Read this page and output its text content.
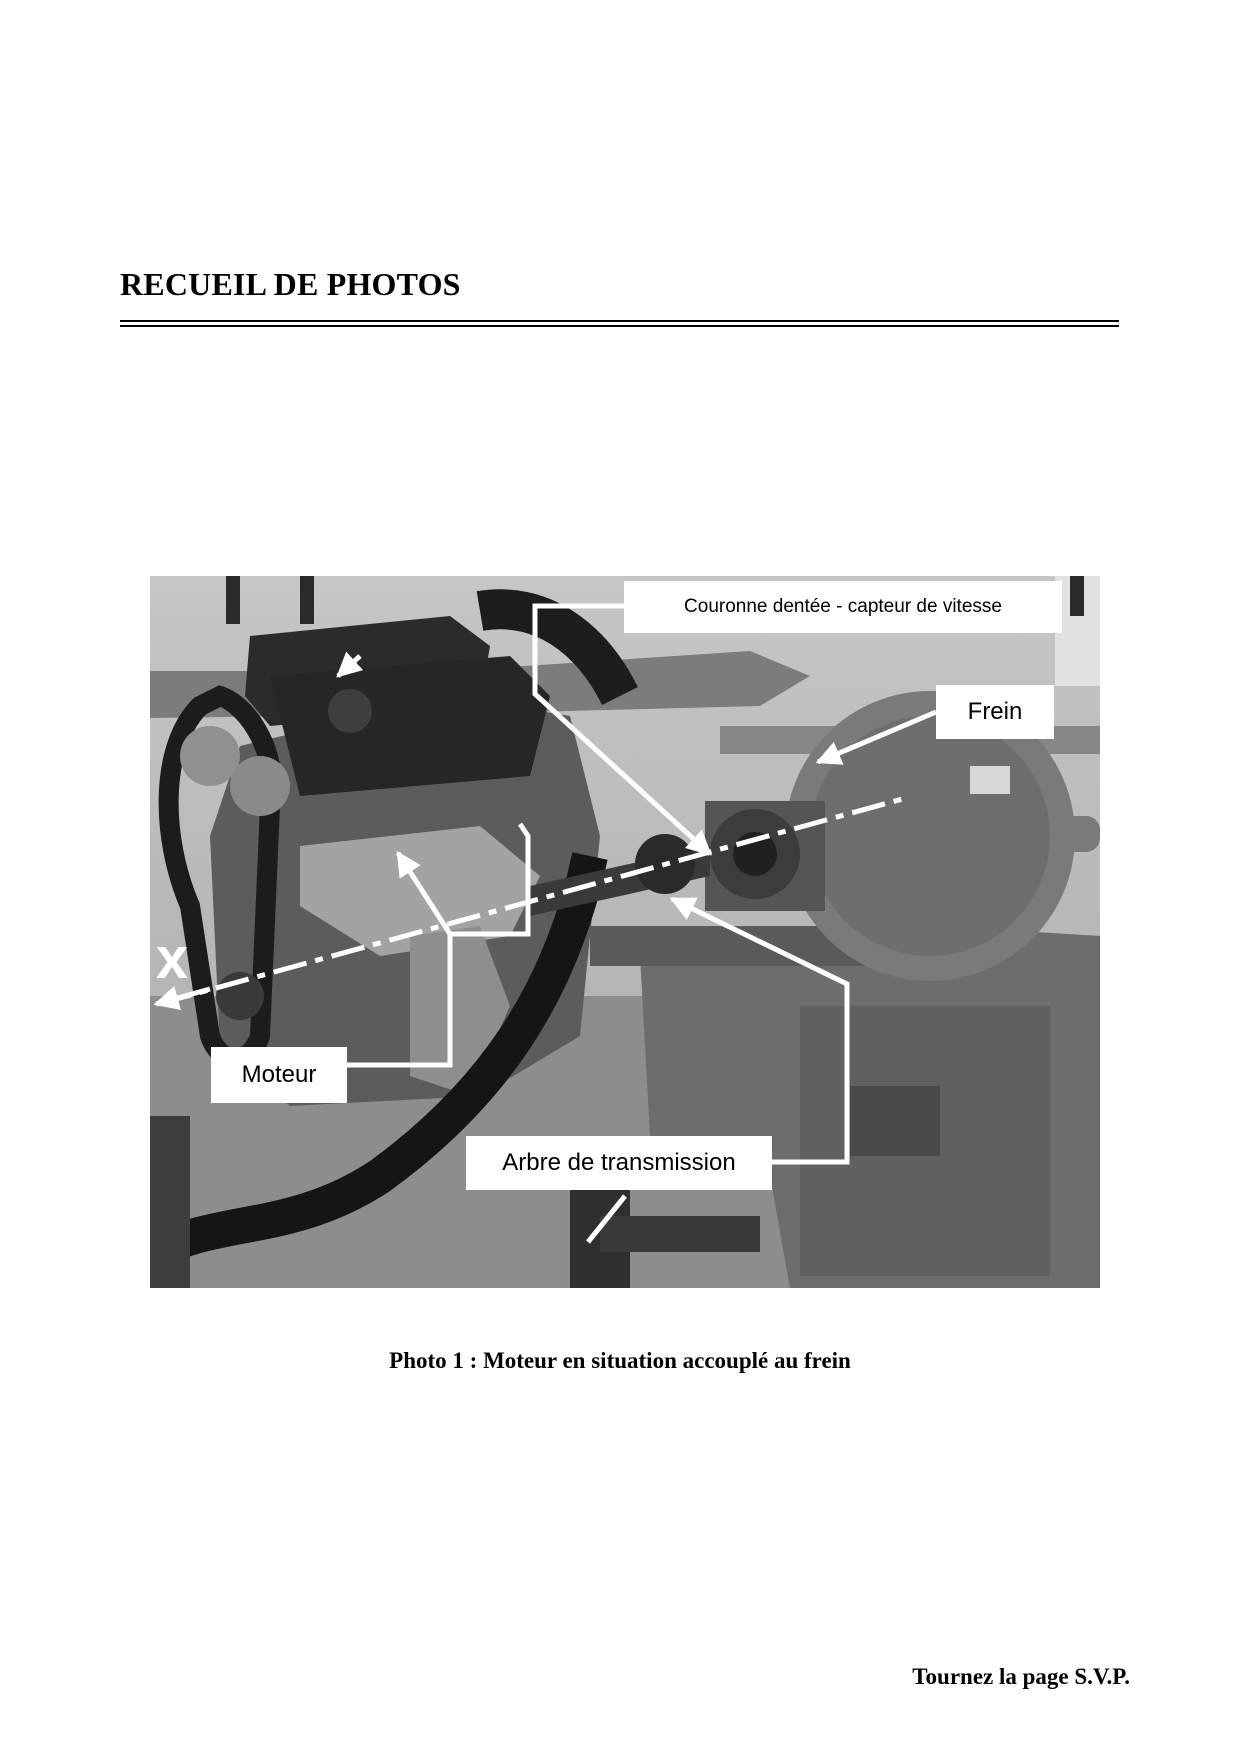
RECUEIL DE PHOTOS
x
Couronne dentée - capteur de vitesse
Frein
Moteur
Arbre de transmission

Photo 1 : Moteur en situation accouplé au frein

Tournez la page S.V.P.
